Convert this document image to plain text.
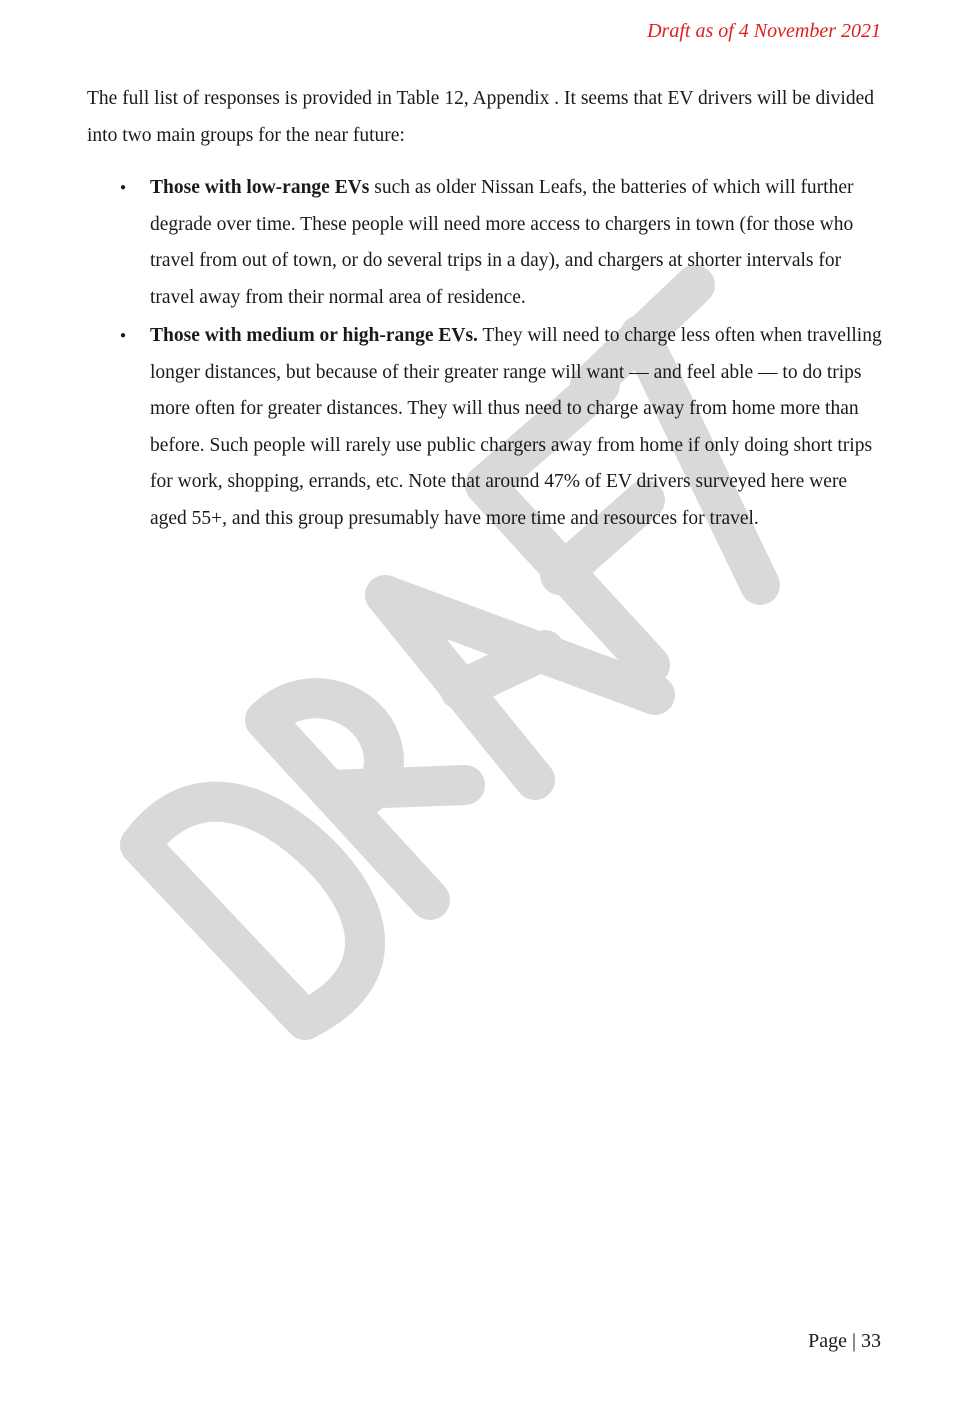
Draft as of 4 November 2021

The full list of responses is provided in Table 12, Appendix . It seems that EV drivers will be divided into two main groups for the near future:

● Those with low-range EVs such as older Nissan Leafs, the batteries of which will further degrade over time. These people will need more access to chargers in town (for those who travel from out of town, or do several trips in a day), and chargers at shorter intervals for travel away from their normal area of residence.
● Those with medium or high-range EVs. They will need to charge less often when travelling longer distances, but because of their greater range will want — and feel able — to do trips more often for greater distances. They will thus need to charge away from home more than before. Such people will rarely use public chargers away from home if only doing short trips for work, shopping, errands, etc. Note that around 47% of EV drivers surveyed here were aged 55+, and this group presumably have more time and resources for travel.
Page | 33
